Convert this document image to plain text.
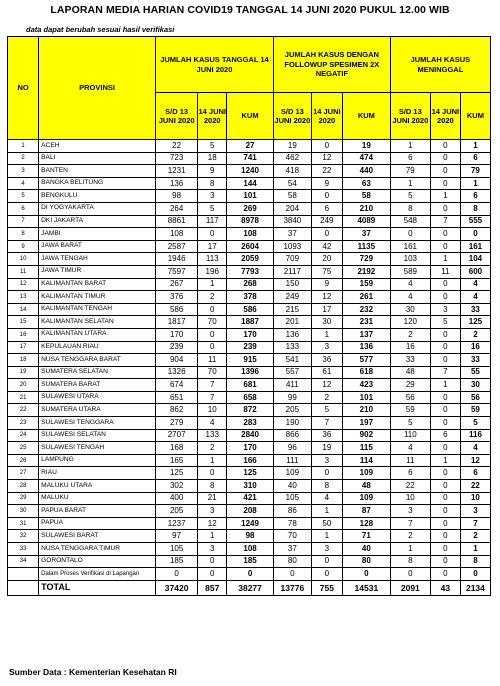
LAPORAN MEDIA HARIAN COVID19 TANGGAL 14 JUNI 2020 PUKUL 12.00 WIB
data dapat berubah sesuai hasil verifikasi
NO	PROVINSI	JUMLAH KASUS TANGGAL 14 JUNI 2020			JUMLAH KASUS DENGAN FOLLOWUP SPESIMEN 2X NEGATIF			JUMLAH KASUS MENINGGAL		
		S/D 13 JUNI 2020	14 JUNI 2020	KUM	S/D 13 JUNI 2020	14 JUNI 2020	KUM	S/D 13 JUNI 2020	14 JUNI 2020	KUM
1	ACEH	22	5	27	19	0	19	1	0	1
2	BALI	723	18	741	462	12	474	6	0	6
3	BANTEN	1231	9	1240	418	22	440	79	0	79
4	BANGKA BELITUNG	136	8	144	54	9	63	1	0	1
5	BENGKULU	98	3	101	58	0	58	5	1	6
6	DI YOGYAKARTA	264	5	269	204	6	210	8	0	8
7	DKI JAKARTA	8861	117	8978	3840	249	4089	548	7	555
8	JAMBI	108	0	108	37	0	37	0	0	0
9	JAWA BARAT	2587	17	2604	1093	42	1135	161	0	161
10	JAWA TENGAH	1946	113	2059	709	20	729	103	1	104
11	JAWA TIMUR	7597	196	7793	2117	75	2192	589	11	600
12	KALIMANTAN BARAT	267	1	268	150	9	159	4	0	4
13	KALIMANTAN TIMUR	376	2	378	249	12	261	4	0	4
14	KALIMANTAN TENGAH	586	0	586	215	17	232	30	3	33
15	KALIMANTAN SELATAN	1817	70	1887	201	30	231	120	5	125
16	KALIMANTAN UTARA	170	0	170	136	1	137	2	0	2
17	KEPULAUAN RIAU	239	0	239	133	3	136	16	0	16
18	NUSA TENGGARA BARAT	904	11	915	541	36	577	33	0	33
19	SUMATERA SELATAN	1326	70	1396	557	61	618	48	7	55
20	SUMATERA BARAT	674	7	681	411	12	423	29	1	30
21	SULAWESI UTARA	651	7	658	99	2	101	56	0	56
22	SUMATERA UTARA	862	10	872	205	5	210	59	0	59
23	SULAWESI TENGGARA	279	4	283	190	7	197	5	0	5
24	SULAWESI SELATAN	2707	133	2840	866	36	902	110	6	116
25	SULAWESI TENGAH	168	2	170	96	19	115	4	0	4
26	LAMPUNG	165	1	166	111	3	114	11	1	12
27	RIAU	125	0	125	109	0	109	6	0	6
28	MALUKU UTARA	302	8	310	40	8	48	22	0	22
29	MALUKU	400	21	421	105	4	109	10	0	10
30	PAPUA BARAT	205	3	208	86	1	87	3	0	3
31	PAPUA	1237	12	1249	78	50	128	7	0	7
32	SULAWESI BARAT	97	1	98	70	1	71	2	0	2
33	NUSA TENGGARA TIMUR	105	3	108	37	3	40	1	0	1
34	GORONTALO	185	0	185	80	0	80	8	0	8
	Dalam Proses Verifikasi di Lapangan	0	0	0	0	0	0	0	0	0
	TOTAL	37420	857	38277	13776	755	14531	2091	43	2134
Sumber Data : Kementerian Kesehatan RI
